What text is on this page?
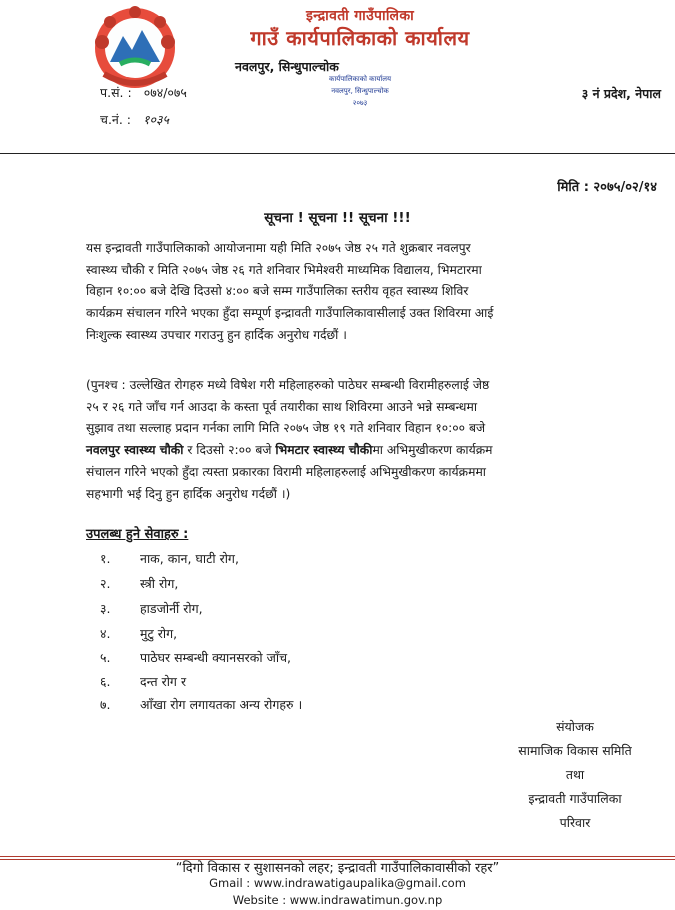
इन्द्रावती गाउँपालिका
गाउँ कार्यपालिकाको कार्यालय
नवलपुर, सिन्धुपाल्चोक
कार्यपालिकाको कार्यालय
नवलपुर, सिन्धुपाल्चोक
२०७३
प.सं. : ०७४/०७५
च.नं. : १०३५
३ नं प्रदेश, नेपाल
मिति : २०७५/०२/१४
सूचना ! सूचना !! सूचना !!!
यस इन्द्रावती गाउँपालिकाको आयोजनामा यही मिति २०७५ जेष्ठ २५ गते शुक्रबार नवलपुर
स्वास्थ्य चौकी र मिति २०७५ जेष्ठ २६ गते शनिवार भिमेश्वरी माध्यमिक विद्यालय, भिमटारमा
विहान १०:०० बजे देखि दिउसो ४:०० बजे सम्म गाउँपालिका स्तरीय वृहत स्वास्थ्य शिविर
कार्यक्रम संचालन गरिने भएका हुँदा सम्पूर्ण इन्द्रावती गाउँपालिकावासीलाई उक्त शिविरमा आई
निःशुल्क स्वास्थ्य उपचार गराउनु हुन हार्दिक अनुरोध गर्दछौं ।
(पुनश्च : उल्लेखित रोगहरु मध्ये विषेश गरी महिलाहरुको पाठेघर सम्बन्धी विरामीहरुलाई जेष्ठ
२५ र २६ गते जाँच गर्न आउदा के कस्ता पूर्व तयारीका साथ शिविरमा आउने भन्ने सम्बन्धमा
सुझाव तथा सल्लाह प्रदान गर्नका लागि मिति २०७५ जेष्ठ १९ गते शनिवार विहान १०:०० बजे
नवलपुर स्वास्थ्य चौकी र दिउसो २:०० बजे भिमटार स्वास्थ्य चौकीमा अभिमुखीकरण कार्यक्रम
संचालन गरिने भएको हुँदा त्यस्ता प्रकारका विरामी महिलाहरुलाई अभिमुखीकरण कार्यक्रममा
सहभागी भई दिनु हुन हार्दिक अनुरोध गर्दछौं ।)
उपलब्ध हुने सेवाहरु :
१. नाक, कान, घाटी रोग,
२. स्त्री रोग,
३. हाडजोर्नी रोग,
४. मुटु रोग,
५. पाठेघर सम्बन्धी क्यानसरको जाँच,
६. दन्त रोग र
७. आँखा रोग लगायतका अन्य रोगहरु ।
संयोजक
सामाजिक विकास समिति
तथा
इन्द्रावती गाउँपालिका
परिवार
“दिगो विकास र सुशासनको लहर; इन्द्रावती गाउँपालिकावासीको रहर”
Gmail : www.indrawatigaupalika@gmail.com
Website : www.indrawatimun.gov.np
